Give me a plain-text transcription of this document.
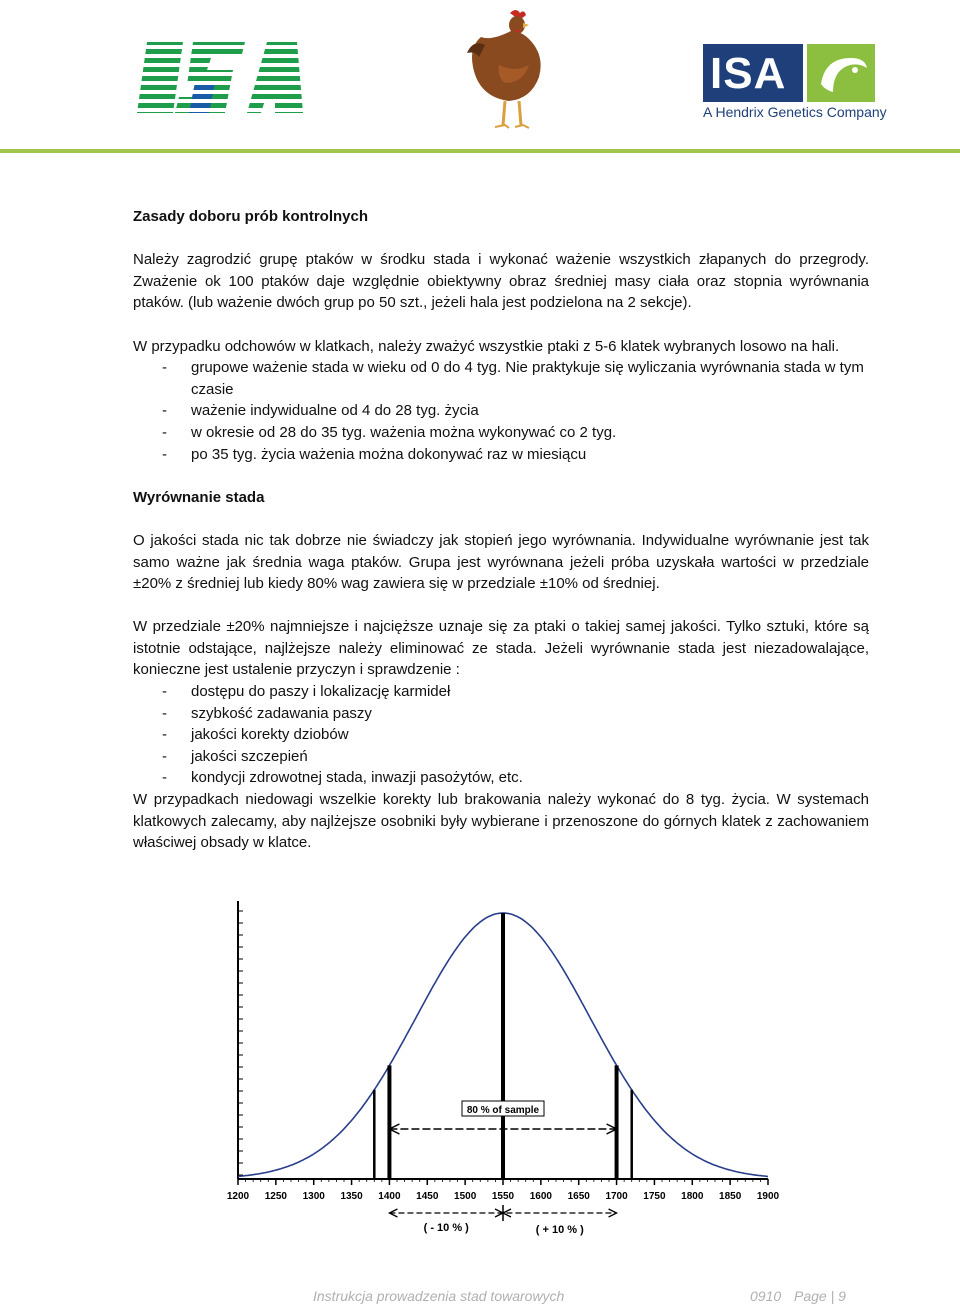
ISA
A Hendrix Genetics Company

Zasady doboru prób kontrolnych

Należy zagrodzić grupę ptaków w środku stada i wykonać ważenie wszystkich złapanych do przegrody. Zważenie ok 100 ptaków daje względnie obiektywny obraz średniej masy ciała oraz stopnia wyrównania ptaków. (lub ważenie dwóch grup po 50 szt., jeżeli hala jest podzielona na 2 sekcje).

W przypadku odchowów w klatkach, należy zważyć wszystkie ptaki z 5-6 klatek wybranych losowo na hali.

-	grupowe ważenie stada w wieku od 0 do 4 tyg. Nie praktykuje się wyliczania wyrównania stada w tym czasie
-	ważenie indywidualne od 4 do 28 tyg. życia
-	w okresie od 28 do 35 tyg. ważenia można wykonywać co 2 tyg.
-	po 35 tyg. życia ważenia można dokonywać raz w miesiącu

Wyrównanie stada

O jakości stada nic tak dobrze nie świadczy jak stopień jego wyrównania. Indywidualne wyrównanie jest tak samo ważne jak średnia waga ptaków. Grupa jest wyrównana jeżeli próba uzyskała wartości w przedziale ±20% z średniej lub kiedy 80% wag zawiera się w przedziale ±10% od średniej.

W przedziale ±20% najmniejsze i najcięższe uznaje się za ptaki o takiej samej jakości. Tylko sztuki, które są istotnie odstające, najlżejsze należy eliminować ze stada. Jeżeli wyrównanie stada jest niezadowalające, konieczne jest ustalenie przyczyn i sprawdzenie :

-	dostępu do paszy i lokalizację karmideł
-	szybkość zadawania paszy
-	jakości korekty dziobów
-	jakości szczepień
-	kondycji zdrowotnej stada, inwazji pasożytów, etc.

W przypadkach niedowagi wszelkie korekty lub brakowania należy wykonać do 8 tyg. życia. W systemach klatkowych zalecamy, aby najlżejsze osobniki były wybierane i przenoszone do górnych klatek z zachowaniem właściwej obsady w klatce.

1200 1250 1300 1350 1400 1450 1500 1550 1600 1650 1700 1750 1800 1850 1900
80 % of sample
( - 10 % )	( + 10 % )
Instrukcja prowadzenia stad towarowych	0910 Page | 9
